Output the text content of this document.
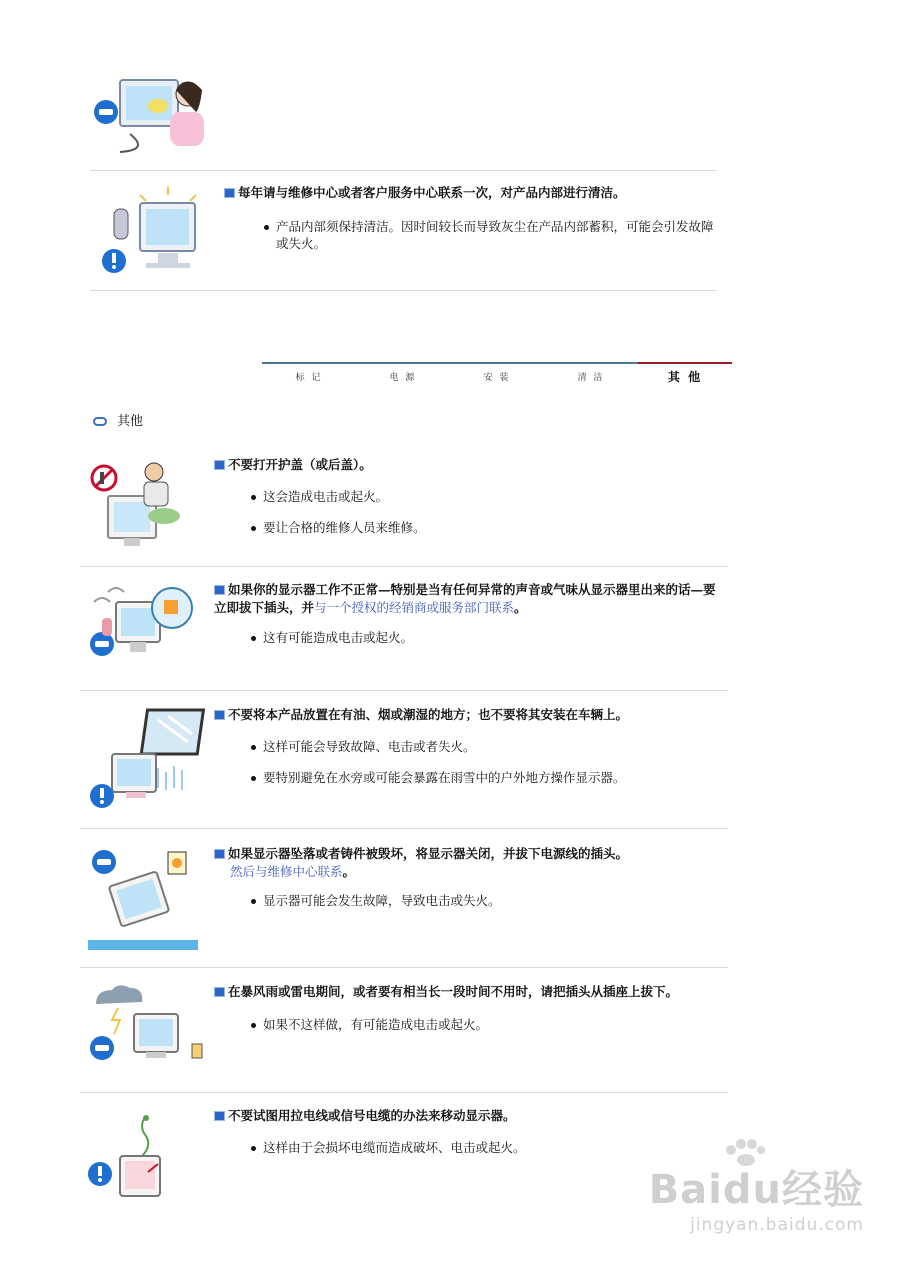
每年请与维修中心或者客户服务中心联系一次，对产品内部进行清洁。
产品内部须保持清洁。因时间较长而导致灰尘在产品内部蓄积，可能会引发故障或失火。
标 记	电 源	安 装	清 洁	其 他
其他
不要打开护盖（或后盖）。
这会造成电击或起火。
要让合格的维修人员来维修。
如果你的显示器工作不正常—特别是当有任何异常的声音或气味从显示器里出来的话—要立即拔下插头，并与一个授权的经销商或服务部门联系。
这有可能造成电击或起火。
不要将本产品放置在有油、烟或潮湿的地方；也不要将其安装在车辆上。
这样可能会导致故障、电击或者失火。
要特别避免在水旁或可能会暴露在雨雪中的户外地方操作显示器。
如果显示器坠落或者铸件被毁坏，将显示器关闭，并拔下电源线的插头。
然后与维修中心联系。
显示器可能会发生故障，导致电击或失火。
在暴风雨或雷电期间，或者要有相当长一段时间不用时，请把插头从插座上拔下。
如果不这样做，有可能造成电击或起火。
不要试图用拉电线或信号电缆的办法来移动显示器。
这样由于会损坏电缆而造成破坏、电击或起火。
Baidu经验
jingyan.baidu.com
